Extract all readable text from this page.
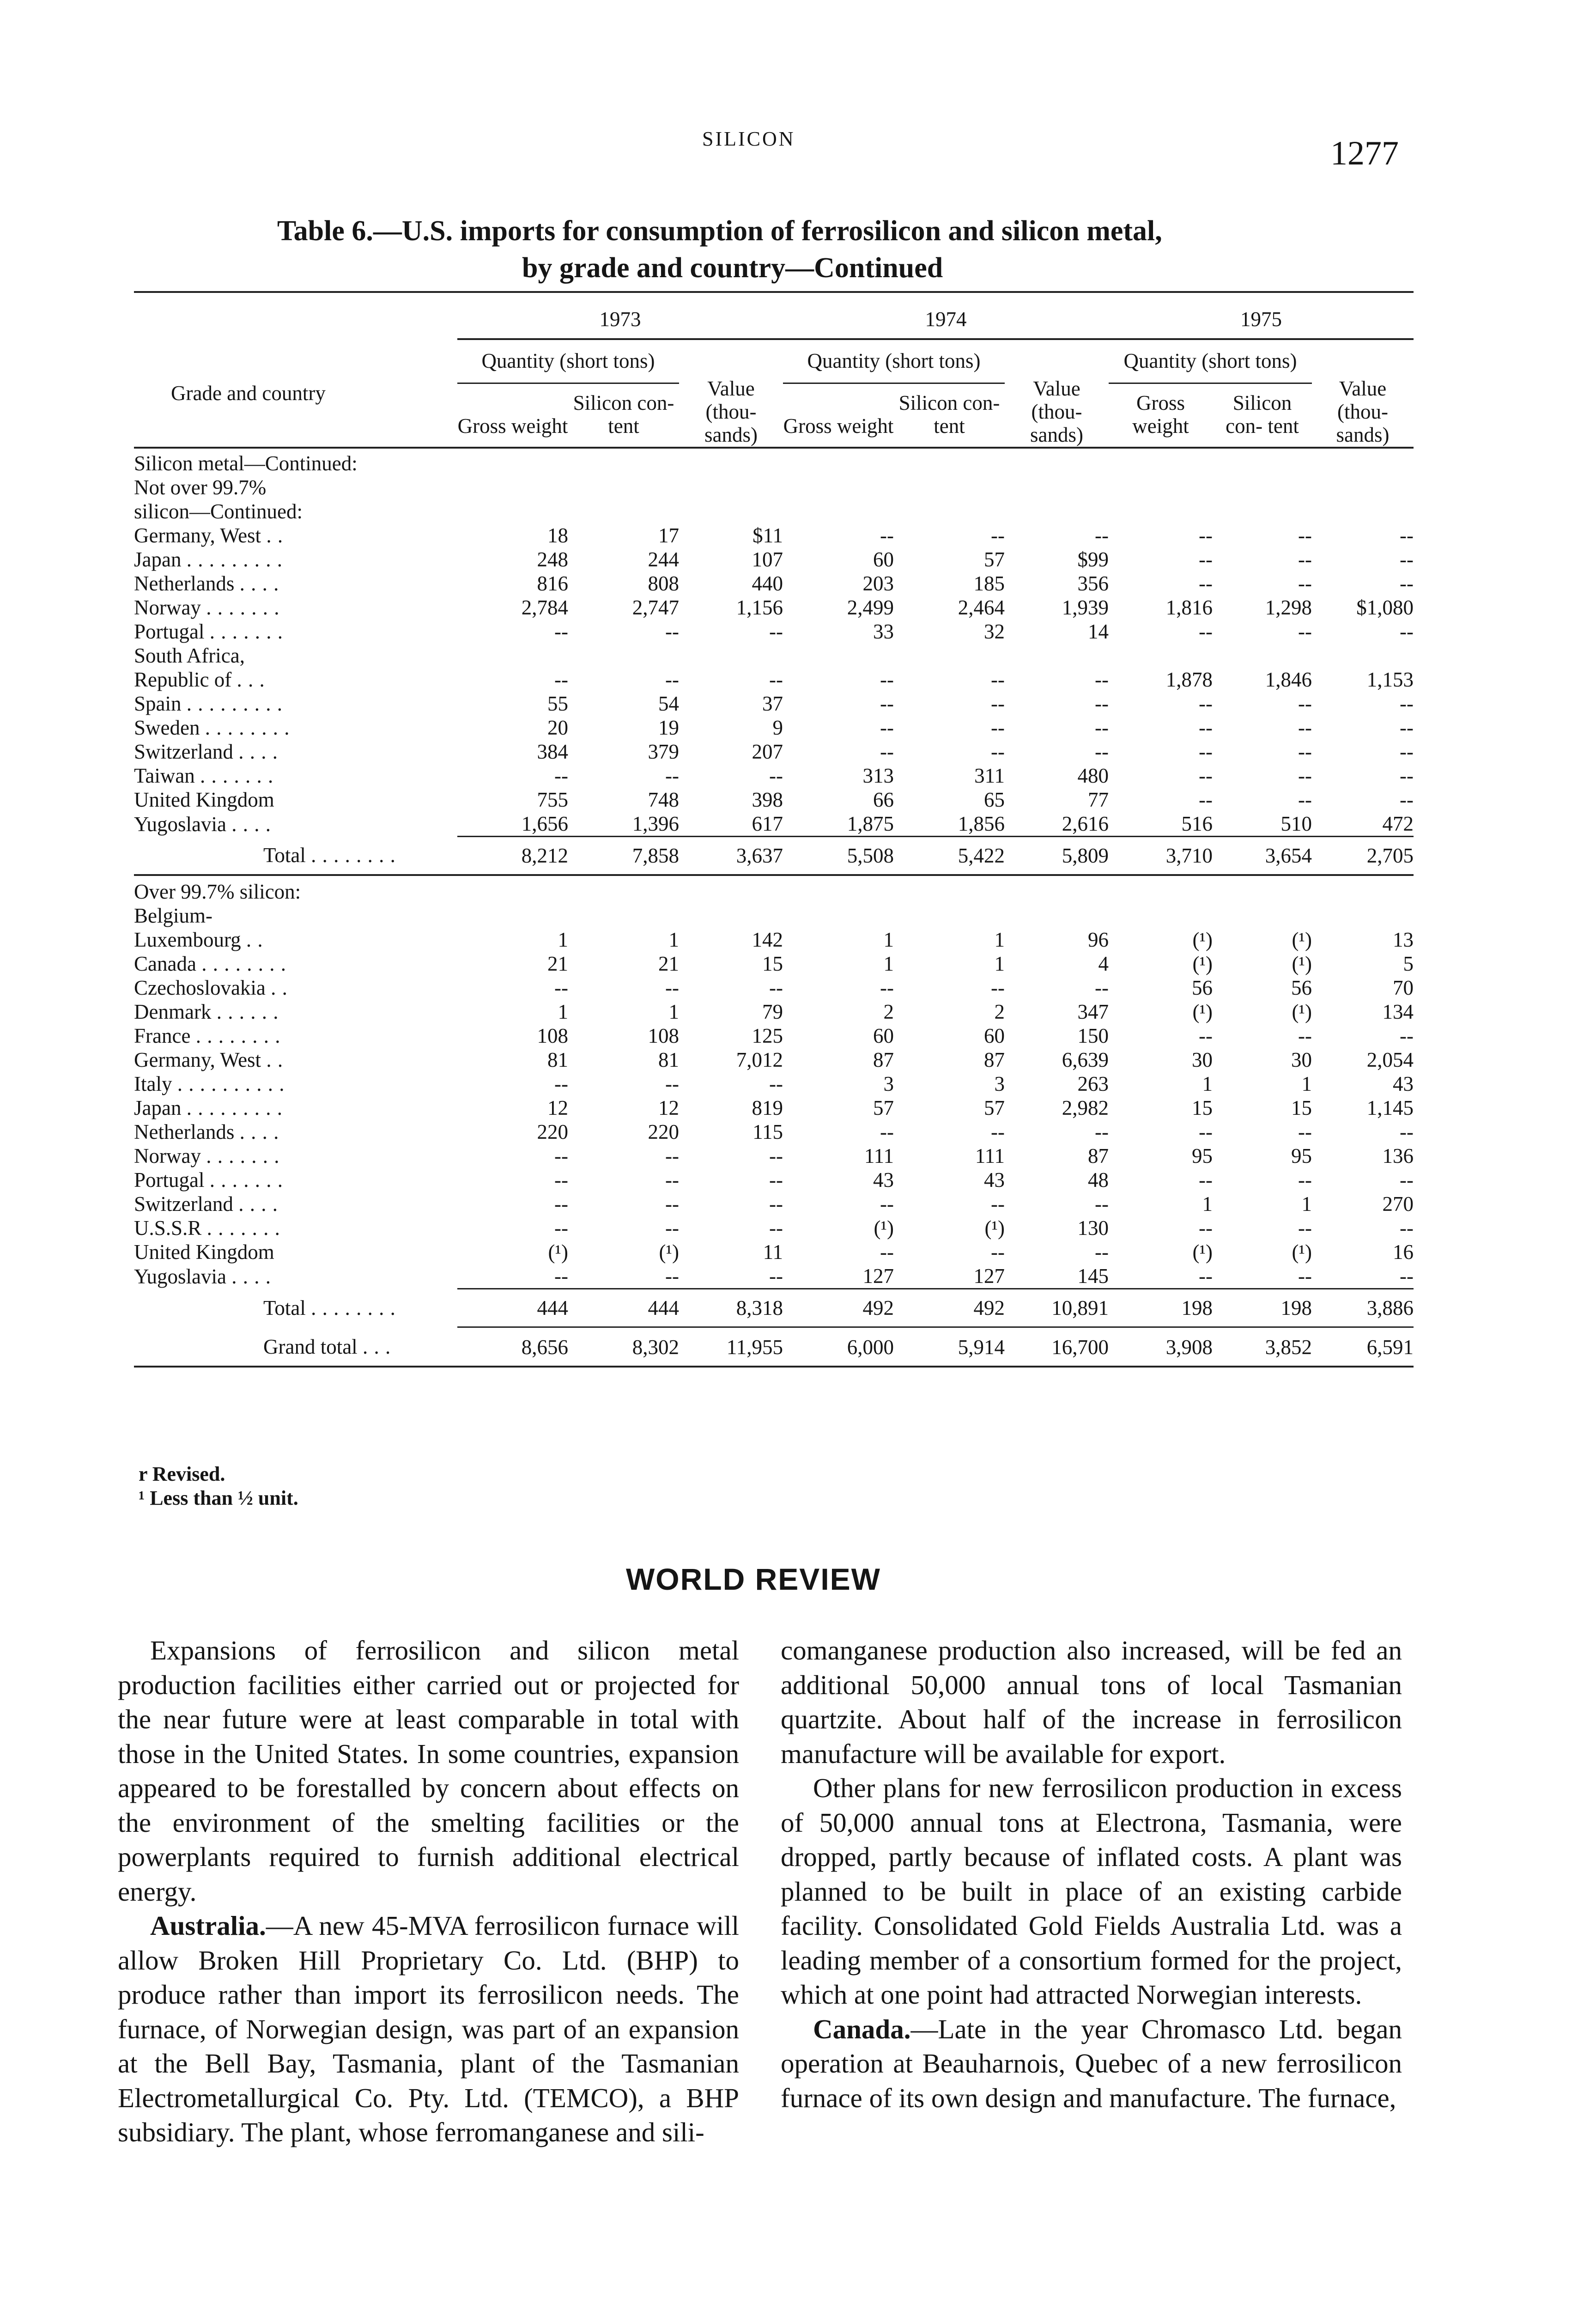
SILICON	1277
Table 6.—U.S. imports for consumption of ferrosilicon and silicon metal,
by grade and country—Continued

	1973			1974			1975		
Grade and country	Quantity (short tons)		Value (thou- sands)	Quantity (short tons)		Value (thou- sands)	Quantity (short tons)		Value (thou- sands)
	Gross weight	Silicon con- tent		Gross weight	Silicon con- tent		Gross weight	Silicon con- tent	

Silicon metal—Continued:									
Not over 99.7%									
silicon—Continued:									
Germany, West . .	18	17	$11	--	--	--	--	--	--
Japan . . . . . . . . .	248	244	107	60	57	$99	--	--	--
Netherlands . . . .	816	808	440	203	185	356	--	--	--
Norway . . . . . . .	2,784	2,747	1,156	2,499	2,464	1,939	1,816	1,298	$1,080
Portugal . . . . . . .	--	--	--	33	32	14	--	--	--
South Africa,									
Republic of . . .	--	--	--	--	--	--	1,878	1,846	1,153
Spain . . . . . . . . .	55	54	37	--	--	--	--	--	--
Sweden . . . . . . . .	20	19	9	--	--	--	--	--	--
Switzerland . . . .	384	379	207	--	--	--	--	--	--
Taiwan . . . . . . .	--	--	--	313	311	480	--	--	--
United Kingdom	755	748	398	66	65	77	--	--	--
Yugoslavia . . . .	1,656	1,396	617	1,875	1,856	2,616	516	510	472
Total . . . . . . . .	8,212	7,858	3,637	5,508	5,422	5,809	3,710	3,654	2,705

Over 99.7% silicon:									
Belgium-									
Luxembourg . .	1	1	142	1	1	96	(¹)	(¹)	13
Canada . . . . . . . .	21	21	15	1	1	4	(¹)	(¹)	5
Czechoslovakia . .	--	--	--	--	--	--	56	56	70
Denmark . . . . . .	1	1	79	2	2	347	(¹)	(¹)	134
France . . . . . . . .	108	108	125	60	60	150	--	--	--
Germany, West . .	81	81	7,012	87	87	6,639	30	30	2,054
Italy . . . . . . . . . .	--	--	--	3	3	263	1	1	43
Japan . . . . . . . . .	12	12	819	57	57	2,982	15	15	1,145
Netherlands . . . .	220	220	115	--	--	--	--	--	--
Norway . . . . . . .	--	--	--	111	111	87	95	95	136
Portugal . . . . . . .	--	--	--	43	43	48	--	--	--
Switzerland . . . .	--	--	--	--	--	--	1	1	270
U.S.S.R . . . . . . .	--	--	--	(¹)	(¹)	130	--	--	--
United Kingdom	(¹)	(¹)	11	--	--	--	(¹)	(¹)	16
Yugoslavia . . . .	--	--	--	127	127	145	--	--	--
Total . . . . . . . .	444	444	8,318	492	492	10,891	198	198	3,886
Grand total . . .	8,656	8,302	11,955	6,000	5,914	16,700	3,908	3,852	6,591

r Revised.
¹ Less than ½ unit.
WORLD REVIEW

Expansions of ferrosilicon and silicon metal production facilities either carried out or projected for the near future were at least comparable in total with those in the United States. In some countries, expansion appeared to be forestalled by concern about effects on the environment of the smelting facilities or the powerplants required to furnish additional electrical energy.

Australia.—A new 45-MVA ferrosilicon furnace will allow Broken Hill Proprietary Co. Ltd. (BHP) to produce rather than import its ferrosilicon needs. The furnace, of Norwegian design, was part of an expansion at the Bell Bay, Tasmania, plant of the Tasmanian Electrometallurgical Co. Pty. Ltd. (TEMCO), a BHP subsidiary. The plant, whose ferromanganese and sili-

comanganese production also increased, will be fed an additional 50,000 annual tons of local Tasmanian quartzite. About half of the increase in ferrosilicon manufacture will be available for export.

Other plans for new ferrosilicon production in excess of 50,000 annual tons at Electrona, Tasmania, were dropped, partly because of inflated costs. A plant was planned to be built in place of an existing carbide facility. Consolidated Gold Fields Australia Ltd. was a leading member of a consortium formed for the project, which at one point had attracted Norwegian interests.

Canada.—Late in the year Chromasco Ltd. began operation at Beauharnois, Quebec of a new ferrosilicon furnace of its own design and manufacture. The furnace,
